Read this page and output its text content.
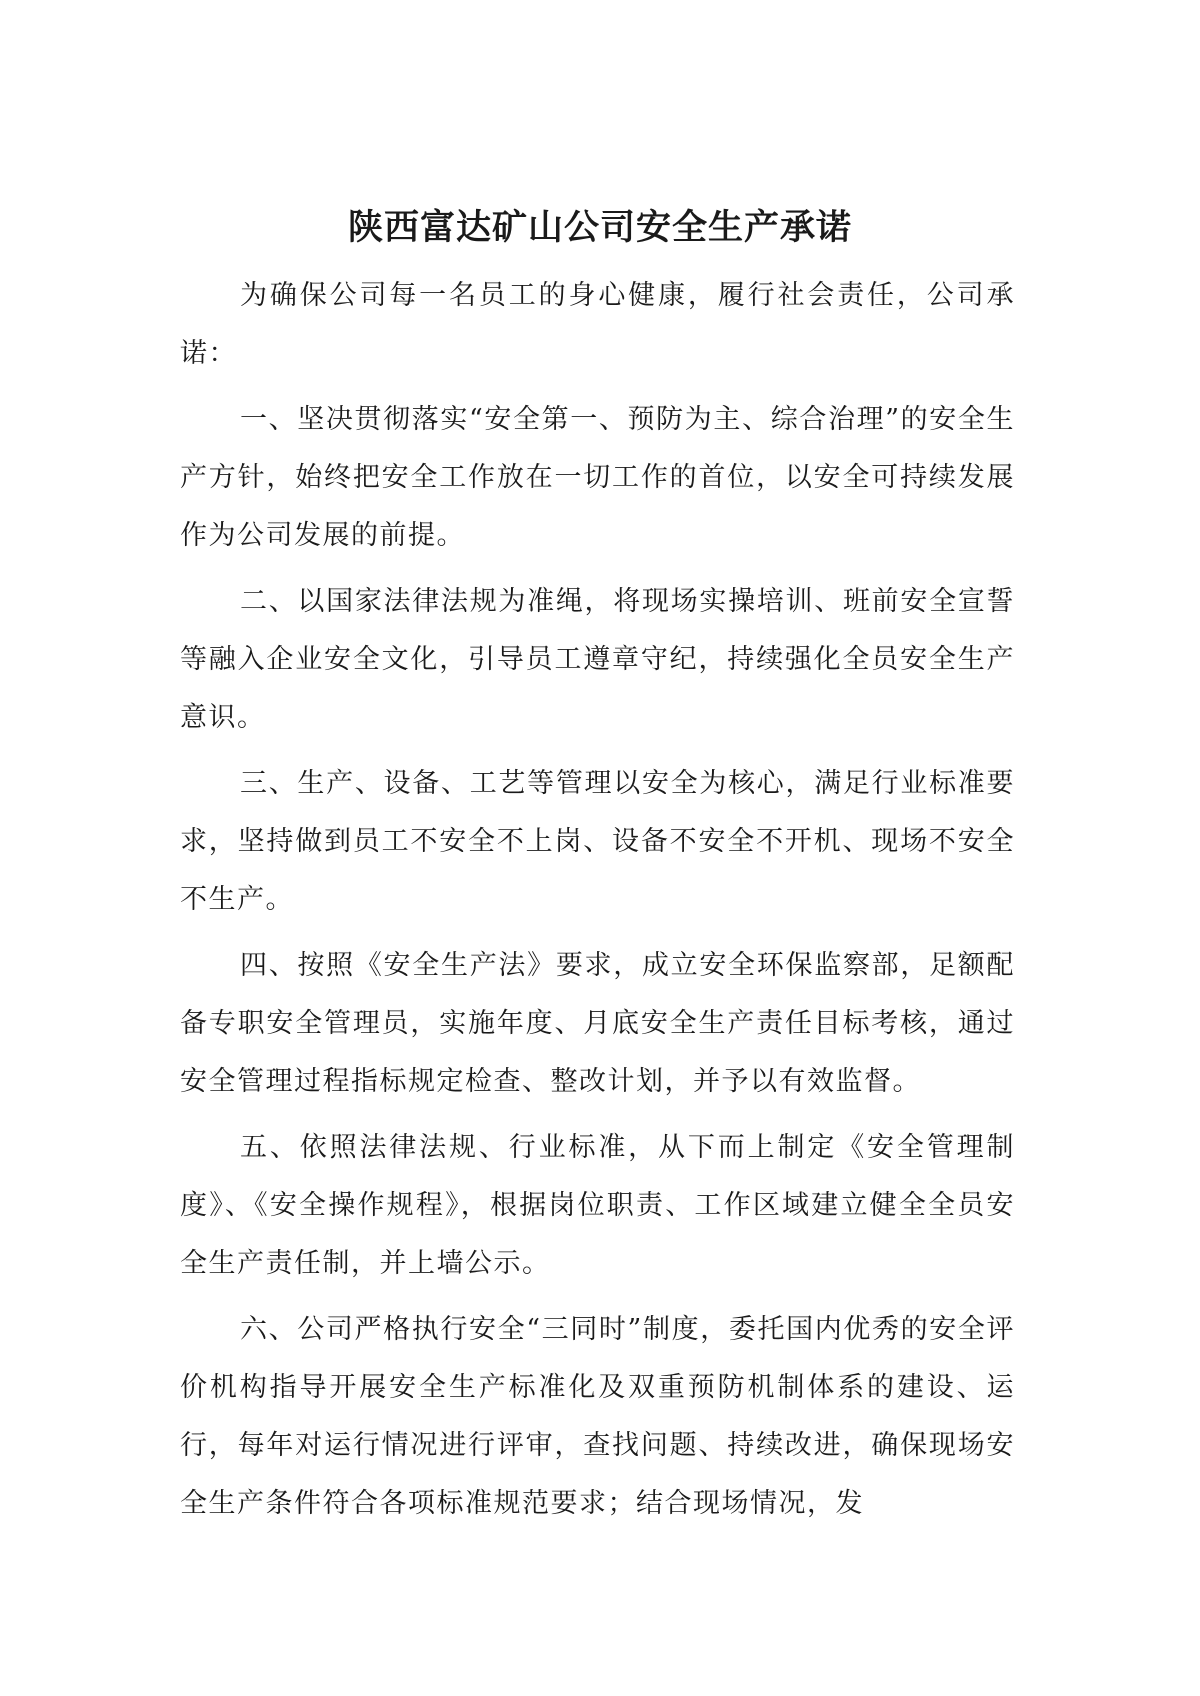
陕西富达矿山公司安全生产承诺

为确保公司每一名员工的身心健康，履行社会责任，公司承诺：

一、坚决贯彻落实“安全第一、预防为主、综合治理”的安全生产方针，始终把安全工作放在一切工作的首位，以安全可持续发展作为公司发展的前提。

二、以国家法律法规为准绳，将现场实操培训、班前安全宣誓等融入企业安全文化，引导员工遵章守纪，持续强化全员安全生产意识。

三、生产、设备、工艺等管理以安全为核心，满足行业标准要求，坚持做到员工不安全不上岗、设备不安全不开机、现场不安全不生产。

四、按照《安全生产法》要求，成立安全环保监察部，足额配备专职安全管理员，实施年度、月底安全生产责任目标考核，通过安全管理过程指标规定检查、整改计划，并予以有效监督。

五、依照法律法规、行业标准，从下而上制定《安全管理制度》、《安全操作规程》，根据岗位职责、工作区域建立健全全员安全生产责任制，并上墙公示。

六、公司严格执行安全“三同时”制度，委托国内优秀的安全评价机构指导开展安全生产标准化及双重预防机制体系的建设、运行，每年对运行情况进行评审，查找问题、持续改进，确保现场安全生产条件符合各项标准规范要求；结合现场情况，发
